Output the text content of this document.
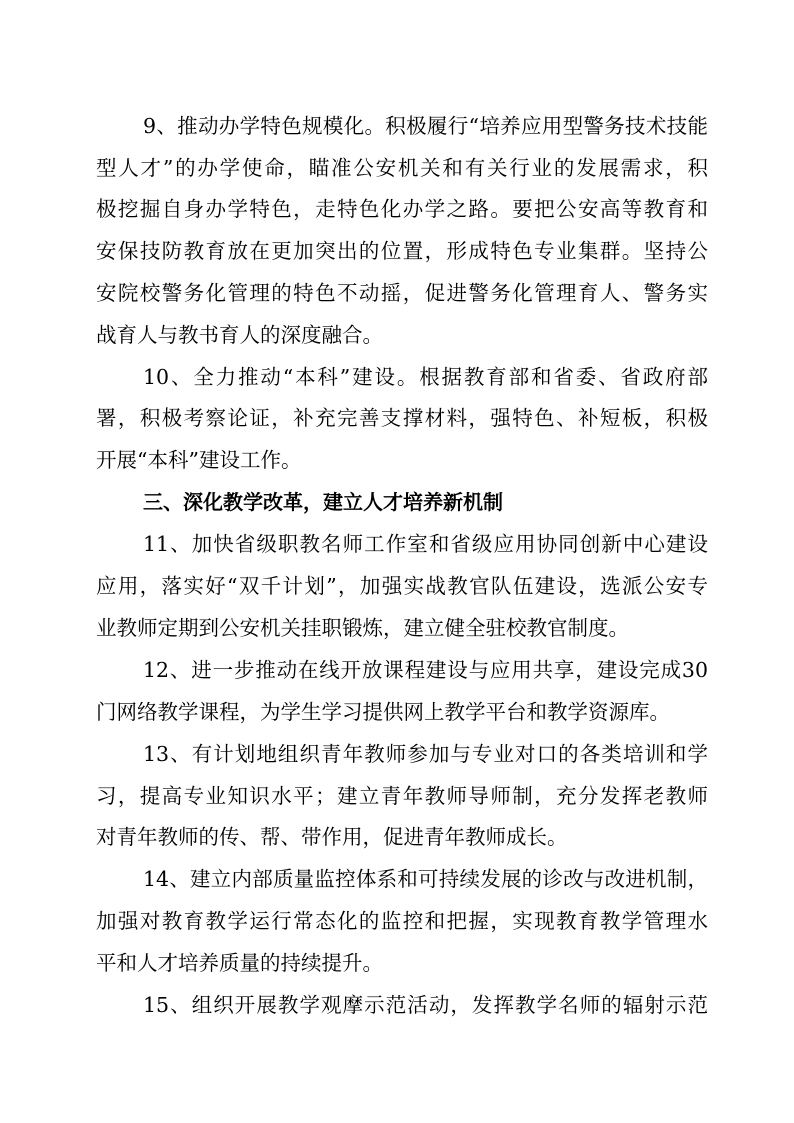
9、推动办学特色规模化。积极履行“培养应用型警务技术技能
型人才”的办学使命，瞄准公安机关和有关行业的发展需求，积
极挖掘自身办学特色，走特色化办学之路。要把公安高等教育和
安保技防教育放在更加突出的位置，形成特色专业集群。坚持公
安院校警务化管理的特色不动摇，促进警务化管理育人、警务实
战育人与教书育人的深度融合。
10、全力推动“本科”建设。根据教育部和省委、省政府部
署，积极考察论证，补充完善支撑材料，强特色、补短板，积极
开展“本科”建设工作。
三、深化教学改革，建立人才培养新机制
11、加快省级职教名师工作室和省级应用协同创新中心建设
应用，落实好“双千计划”，加强实战教官队伍建设，选派公安专
业教师定期到公安机关挂职锻炼，建立健全驻校教官制度。
12、进一步推动在线开放课程建设与应用共享，建设完成30
门网络教学课程，为学生学习提供网上教学平台和教学资源库。
13、有计划地组织青年教师参加与专业对口的各类培训和学
习，提高专业知识水平；建立青年教师导师制，充分发挥老教师
对青年教师的传、帮、带作用，促进青年教师成长。
14、建立内部质量监控体系和可持续发展的诊改与改进机制，
加强对教育教学运行常态化的监控和把握，实现教育教学管理水
平和人才培养质量的持续提升。
15、组织开展教学观摩示范活动，发挥教学名师的辐射示范
